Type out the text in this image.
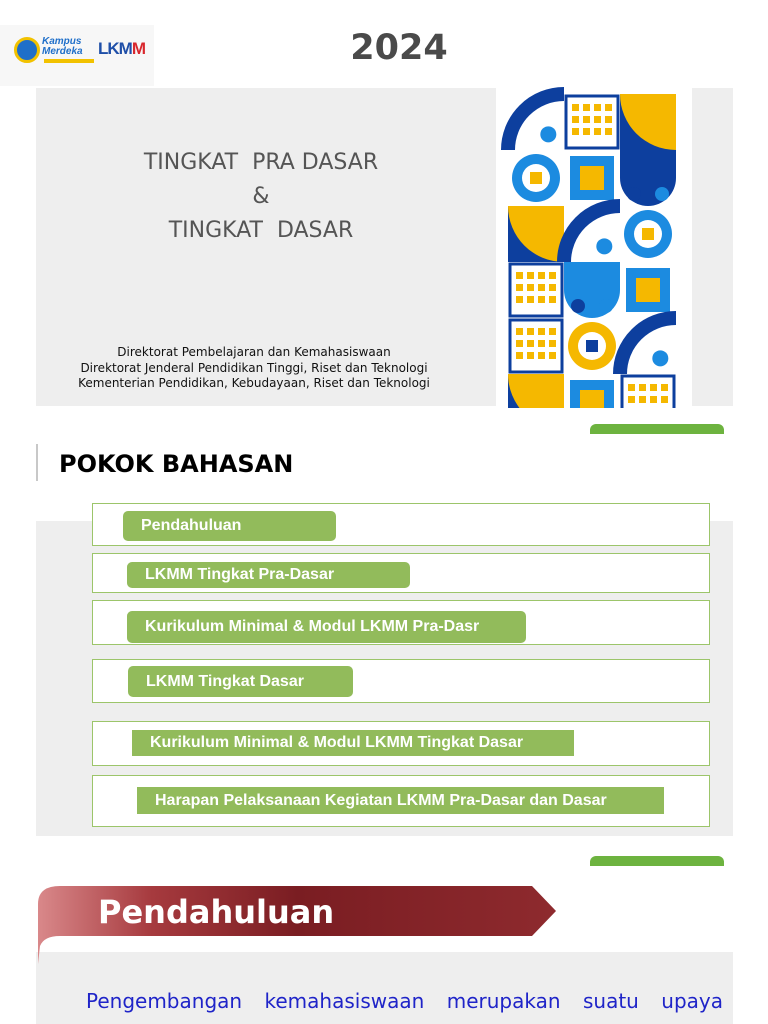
Kampus
Merdeka LKMM	2024
TINGKAT  PRA DASAR
&
TINGKAT  DASAR
Direktorat Pembelajaran dan Kemahasiswaan
Direktorat Jenderal Pendidikan Tinggi, Riset dan Teknologi
Kementerian Pendidikan, Kebudayaan, Riset dan Teknologi
POKOK BAHASAN
Pendahuluan
LKMM Tingkat Pra-Dasar
Kurikulum Minimal & Modul LKMM Pra-Dasr
LKMM Tingkat Dasar
Kurikulum Minimal & Modul LKMM Tingkat Dasar
Harapan Pelaksanaan Kegiatan LKMM Pra-Dasar dan Dasar
Pendahuluan
Pengembangan kemahasiswaan merupakan suatu upaya
